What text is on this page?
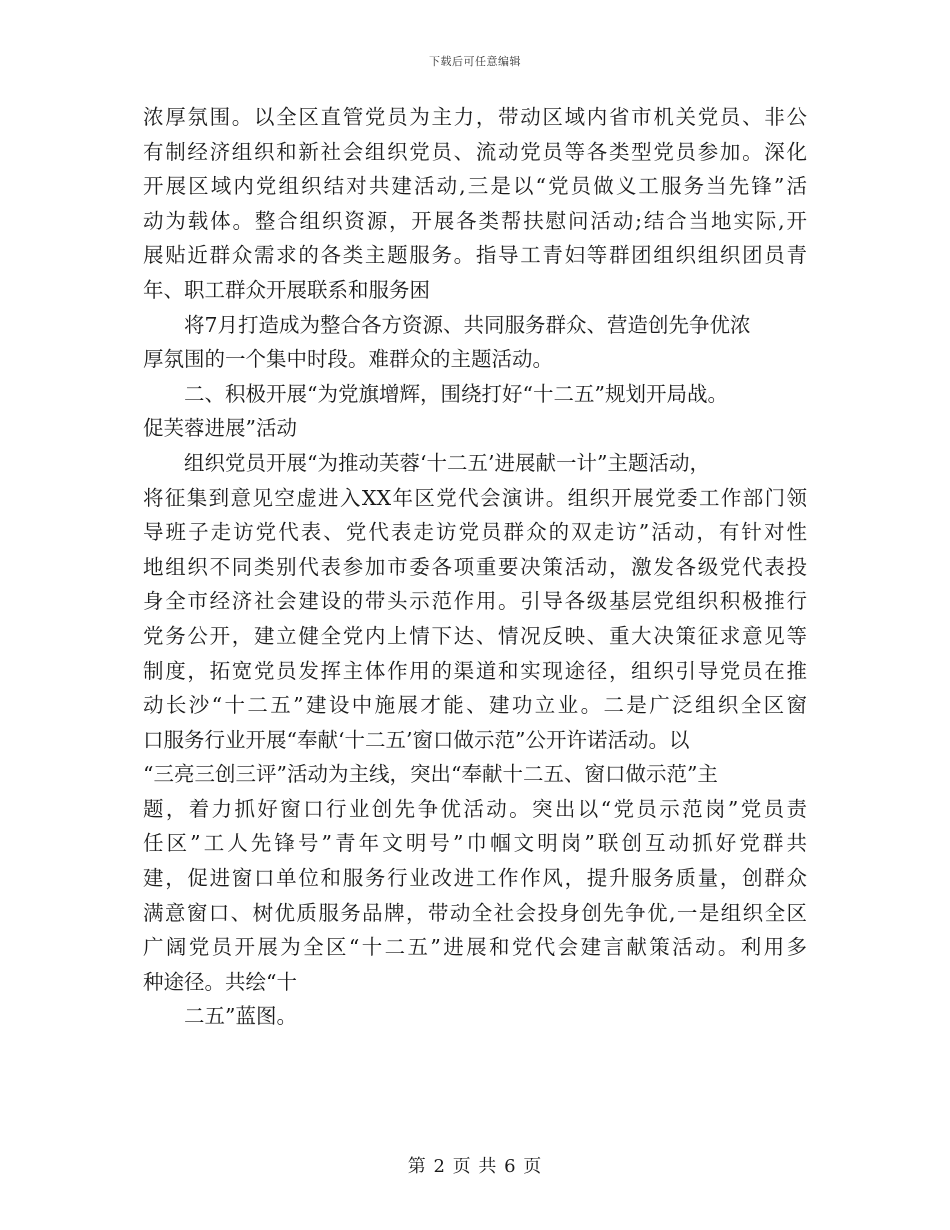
下载后可任意编辑
浓厚氛围。以全区直管党员为主力，带动区域内省市机关党员、非公
有制经济组织和新社会组织党员、流动党员等各类型党员参加。深化
开展区域内党组织结对共建活动,三是以“党员做义工服务当先锋”活
动为载体。整合组织资源，开展各类帮扶慰问活动;结合当地实际,开
展贴近群众需求的各类主题服务。指导工青妇等群团组织组织团员青
年、职工群众开展联系和服务困
将7月打造成为整合各方资源、共同服务群众、营造创先争优浓
厚氛围的一个集中时段。难群众的主题活动。
二、积极开展“为党旗增辉，围绕打好“十二五”规划开局战。
促芙蓉进展”活动
组织党员开展“为推动芙蓉‘十二五’进展献一计”主题活动，
将征集到意见空虚进入XX年区党代会演讲。组织开展党委工作部门领
导班子走访党代表、党代表走访党员群众的双走访”活动，有针对性
地组织不同类别代表参加市委各项重要决策活动，激发各级党代表投
身全市经济社会建设的带头示范作用。引导各级基层党组织积极推行
党务公开，建立健全党内上情下达、情况反映、重大决策征求意见等
制度，拓宽党员发挥主体作用的渠道和实现途径，组织引导党员在推
动长沙“十二五”建设中施展才能、建功立业。二是广泛组织全区窗
口服务行业开展“奉献‘十二五’窗口做示范”公开许诺活动。以
“三亮三创三评”活动为主线，突出“奉献十二五、窗口做示范”主
题，着力抓好窗口行业创先争优活动。突出以“党员示范岗”党员责
任区”工人先锋号”青年文明号”巾帼文明岗”联创互动抓好党群共
建，促进窗口单位和服务行业改进工作作风，提升服务质量，创群众
满意窗口、树优质服务品牌，带动全社会投身创先争优,一是组织全区
广阔党员开展为全区“十二五”进展和党代会建言献策活动。利用多
种途径。共绘“十
二五”蓝图。
第 2 页 共 6 页
